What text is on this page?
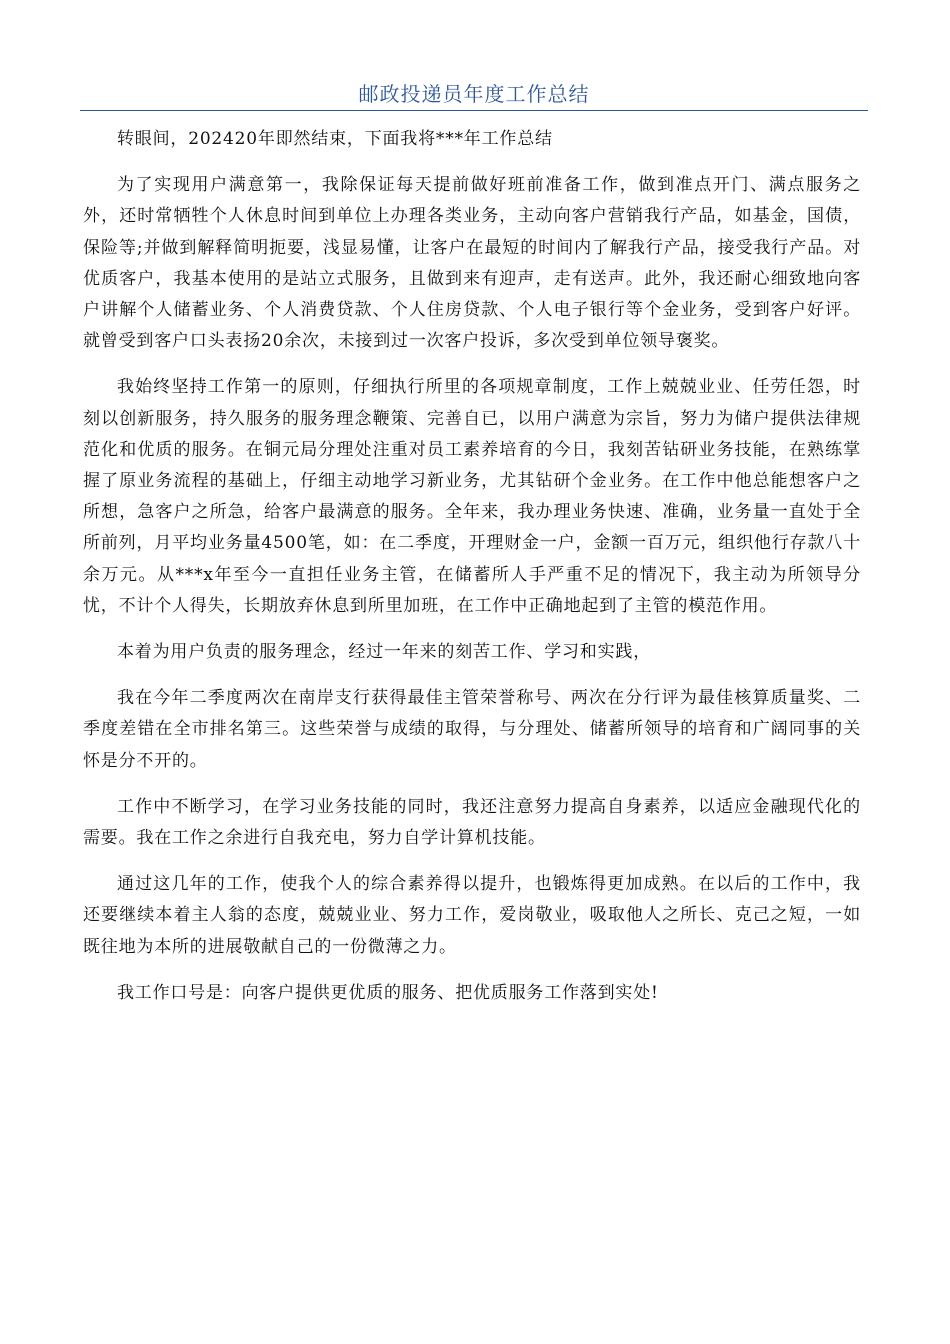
邮政投递员年度工作总结

转眼间，202420年即然结束，下面我将***年工作总结

为了实现用户满意第一，我除保证每天提前做好班前准备工作，做到准点开门、满点服务之外，还时常牺牲个人休息时间到单位上办理各类业务，主动向客户营销我行产品，如基金，国债，保险等;并做到解释简明扼要，浅显易懂，让客户在最短的时间内了解我行产品，接受我行产品。对优质客户，我基本使用的是站立式服务，且做到来有迎声，走有送声。此外，我还耐心细致地向客户讲解个人储蓄业务、个人消费贷款、个人住房贷款、个人电子银行等个金业务，受到客户好评。就曾受到客户口头表扬20余次，未接到过一次客户投诉，多次受到单位领导褒奖。

我始终坚持工作第一的原则，仔细执行所里的各项规章制度，工作上兢兢业业、任劳任怨，时刻以创新服务，持久服务的服务理念鞭策、完善自已，以用户满意为宗旨，努力为储户提供法律规范化和优质的服务。在铜元局分理处注重对员工素养培育的今日，我刻苦钻研业务技能，在熟练掌握了原业务流程的基础上，仔细主动地学习新业务，尤其钻研个金业务。在工作中他总能想客户之所想，急客户之所急，给客户最满意的服务。全年来，我办理业务快速、准确，业务量一直处于全所前列，月平均业务量4500笔，如：在二季度，开理财金一户，金额一百万元，组织他行存款八十余万元。从***x年至今一直担任业务主管，在储蓄所人手严重不足的情况下，我主动为所领导分忧，不计个人得失，长期放弃休息到所里加班，在工作中正确地起到了主管的模范作用。

本着为用户负责的服务理念，经过一年来的刻苦工作、学习和实践，

我在今年二季度两次在南岸支行获得最佳主管荣誉称号、两次在分行评为最佳核算质量奖、二季度差错在全市排名第三。这些荣誉与成绩的取得，与分理处、储蓄所领导的培育和广阔同事的关怀是分不开的。

工作中不断学习，在学习业务技能的同时，我还注意努力提高自身素养，以适应金融现代化的需要。我在工作之余进行自我充电，努力自学计算机技能。

通过这几年的工作，使我个人的综合素养得以提升，也锻炼得更加成熟。在以后的工作中，我还要继续本着主人翁的态度，兢兢业业、努力工作，爱岗敬业，吸取他人之所长、克己之短，一如既往地为本所的进展敬献自己的一份微薄之力。

我工作口号是：向客户提供更优质的服务、把优质服务工作落到实处!
